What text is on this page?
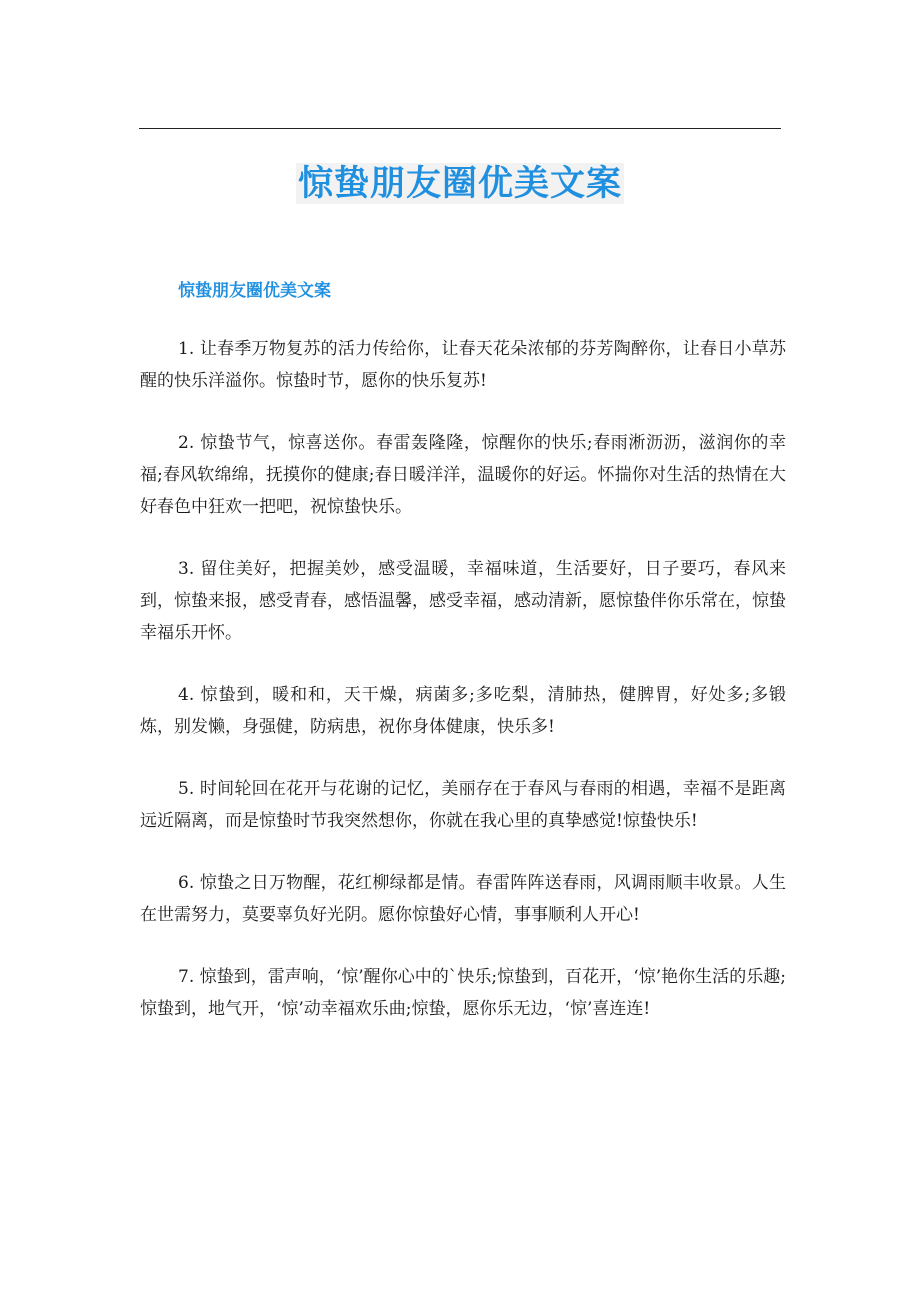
惊蛰朋友圈优美文案
惊蛰朋友圈优美文案

1. 让春季万物复苏的活力传给你，让春天花朵浓郁的芬芳陶醉你，让春日小草苏醒的快乐洋溢你。惊蛰时节，愿你的快乐复苏!

2. 惊蛰节气，惊喜送你。春雷轰隆隆，惊醒你的快乐;春雨淅沥沥，滋润你的幸福;春风软绵绵，抚摸你的健康;春日暖洋洋，温暖你的好运。怀揣你对生活的热情在大好春色中狂欢一把吧，祝惊蛰快乐。

3. 留住美好，把握美妙，感受温暖，幸福味道，生活要好，日子要巧，春风来到，惊蛰来报，感受青春，感悟温馨，感受幸福，感动清新，愿惊蛰伴你乐常在，惊蛰幸福乐开怀。

4. 惊蛰到，暖和和，天干燥，病菌多;多吃梨，清肺热，健脾胃，好处多;多锻炼，别发懒，身强健，防病患，祝你身体健康，快乐多!

5. 时间轮回在花开与花谢的记忆，美丽存在于春风与春雨的相遇，幸福不是距离远近隔离，而是惊蛰时节我突然想你，你就在我心里的真挚感觉!惊蛰快乐!

6. 惊蛰之日万物醒，花红柳绿都是情。春雷阵阵送春雨，风调雨顺丰收景。人生在世需努力，莫要辜负好光阴。愿你惊蛰好心情，事事顺利人开心!

7. 惊蛰到，雷声响，‘惊’醒你心中的`快乐;惊蛰到，百花开，‘惊’艳你生活的乐趣;惊蛰到，地气开，‘惊’动幸福欢乐曲;惊蛰，愿你乐无边，‘惊’喜连连!
